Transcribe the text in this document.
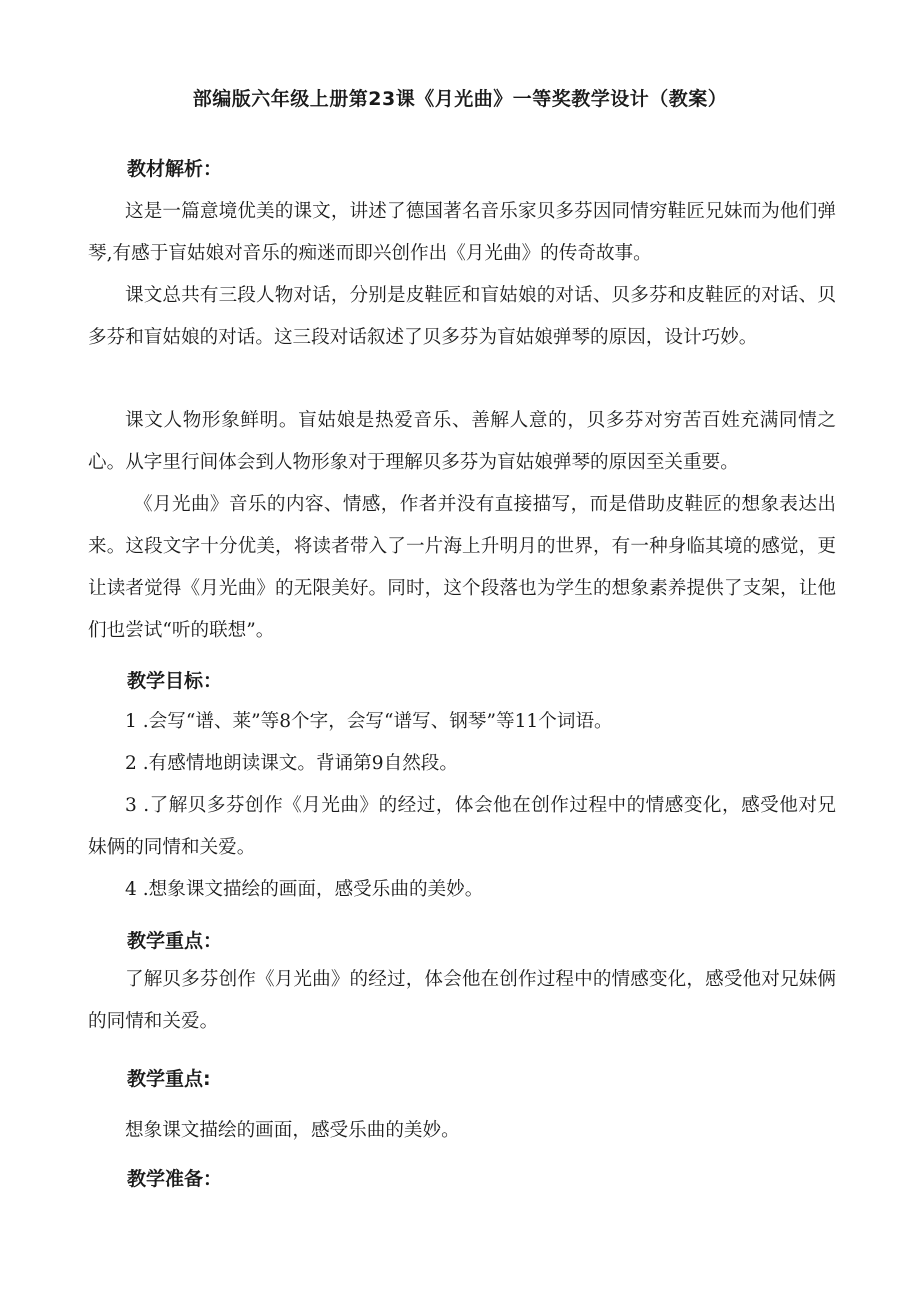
部编版六年级上册第23课《月光曲》一等奖教学设计（教案）
教材解析：
这是一篇意境优美的课文，讲述了德国著名音乐家贝多芬因同情穷鞋匠兄妹而为他们弹琴,有感于盲姑娘对音乐的痴迷而即兴创作出《月光曲》的传奇故事。
课文总共有三段人物对话，分别是皮鞋匠和盲姑娘的对话、贝多芬和皮鞋匠的对话、贝多芬和盲姑娘的对话。这三段对话叙述了贝多芬为盲姑娘弹琴的原因，设计巧妙。
课文人物形象鲜明。盲姑娘是热爱音乐、善解人意的，贝多芬对穷苦百姓充满同情之心。从字里行间体会到人物形象对于理解贝多芬为盲姑娘弹琴的原因至关重要。
《月光曲》音乐的内容、情感，作者并没有直接描写，而是借助皮鞋匠的想象表达出来。这段文字十分优美，将读者带入了一片海上升明月的世界，有一种身临其境的感觉，更让读者觉得《月光曲》的无限美好。同时，这个段落也为学生的想象素养提供了支架，让他们也尝试“听的联想”。
教学目标：
1 .会写“谱、莱”等8个字，会写“谱写、钢琴”等11个词语。
2 .有感情地朗读课文。背诵第9自然段。
3 .了解贝多芬创作《月光曲》的经过，体会他在创作过程中的情感变化，感受他对兄妹俩的同情和关爱。
4 .想象课文描绘的画面，感受乐曲的美妙。
教学重点：
了解贝多芬创作《月光曲》的经过，体会他在创作过程中的情感变化，感受他对兄妹俩的同情和关爱。
教学重点:
想象课文描绘的画面，感受乐曲的美妙。
教学准备：
